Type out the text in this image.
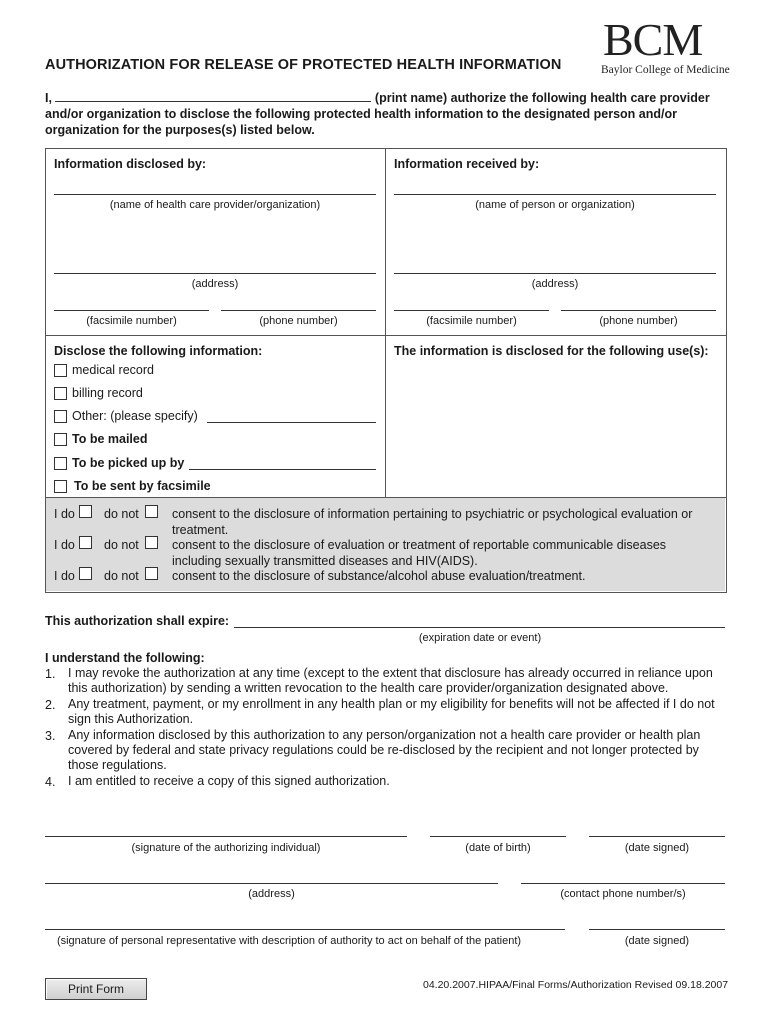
BCM
Baylor College of Medicine
AUTHORIZATION FOR RELEASE OF PROTECTED HEALTH INFORMATION
I,	(print name) authorize the following health care provider and/or organization to disclose the following protected health information to the designated person and/or organization for the purposes(s) listed below.
Information disclosed by:
(name of health care provider/organization)
(address)
(facsimile number)	(phone number)
Information received by:
(name of person or organization)
(address)
(facsimile number)	(phone number)
Disclose the following information:
medical record
billing record
Other: (please specify)
To be mailed
To be picked up by
To be sent by facsimile
The information is disclosed for the following use(s):
I do do not	consent to the disclosure of information pertaining to psychiatric or psychological evaluation or treatment.
I do do not	consent to the disclosure of evaluation or treatment of reportable communicable diseases including sexually transmitted diseases and HIV(AIDS).
I do do not	consent to the disclosure of substance/alcohol abuse evaluation/treatment.
This authorization shall expire:
(expiration date or event)
I understand the following:
1. I may revoke the authorization at any time (except to the extent that disclosure has already occurred in reliance upon this authorization) by sending a written revocation to the health care provider/organization designated above.
2. Any treatment, payment, or my enrollment in any health plan or my eligibility for benefits will not be affected if I do not sign this Authorization.
3. Any information disclosed by this authorization to any person/organization not a health care provider or health plan covered by federal and state privacy regulations could be re-disclosed by the recipient and not longer protected by those regulations.
4. I am entitled to receive a copy of this signed authorization.
(signature of the authorizing individual)	(date of birth)	(date signed)
(address)	(contact phone number/s)
(signature of personal representative with description of authority to act on behalf of the patient)	(date signed)
Print Form	04.20.2007.HIPAA/Final Forms/Authorization Revised 09.18.2007
